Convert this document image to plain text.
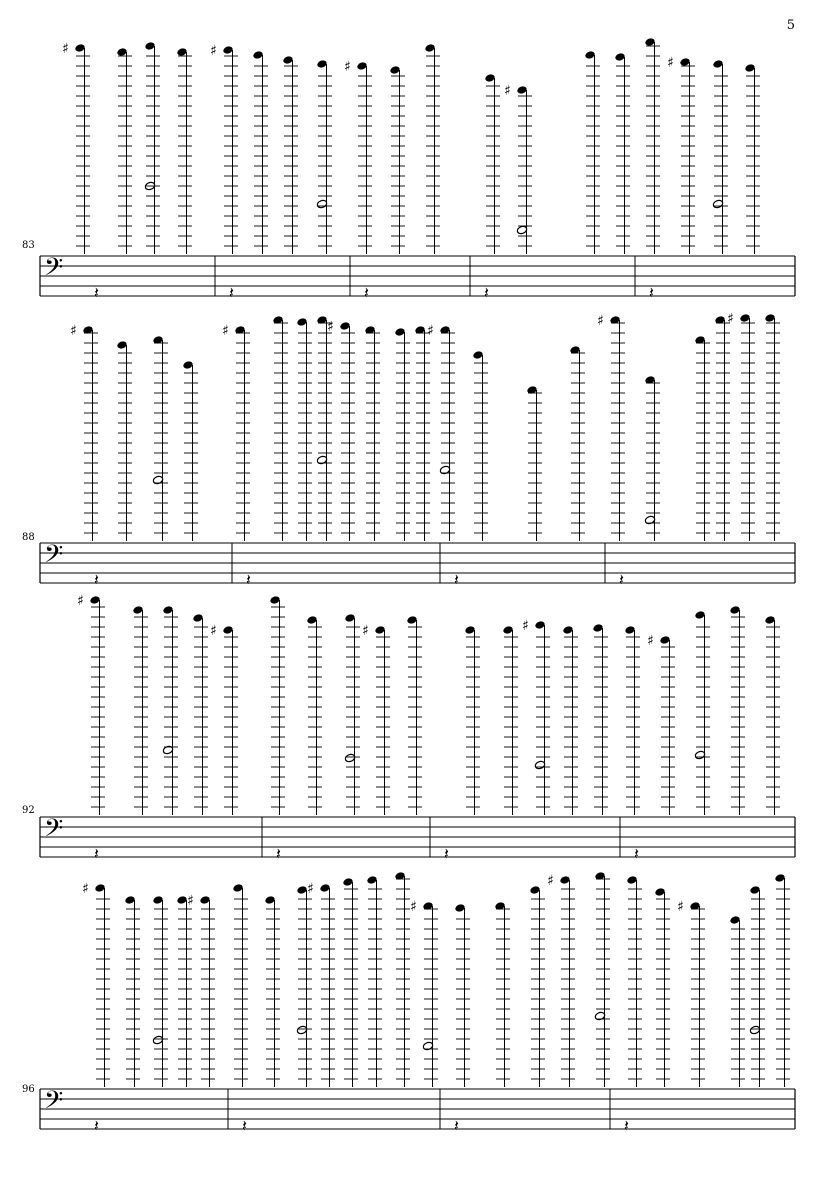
5
83
88
92
96
𝄢
♯	♯
♯
♯
♯
𝄽	𝄽	𝄽	𝄽
𝄽
𝄢
♯	♯	♯	♯
♯	♯
𝄽	𝄽	𝄽
𝄽
𝄢
♯
♯	♯	♯
♯
𝄽	𝄽	𝄽
𝄽
𝄢
♯
♯
♯
♯
♯
♯
𝄽	𝄽	𝄽
𝄽
